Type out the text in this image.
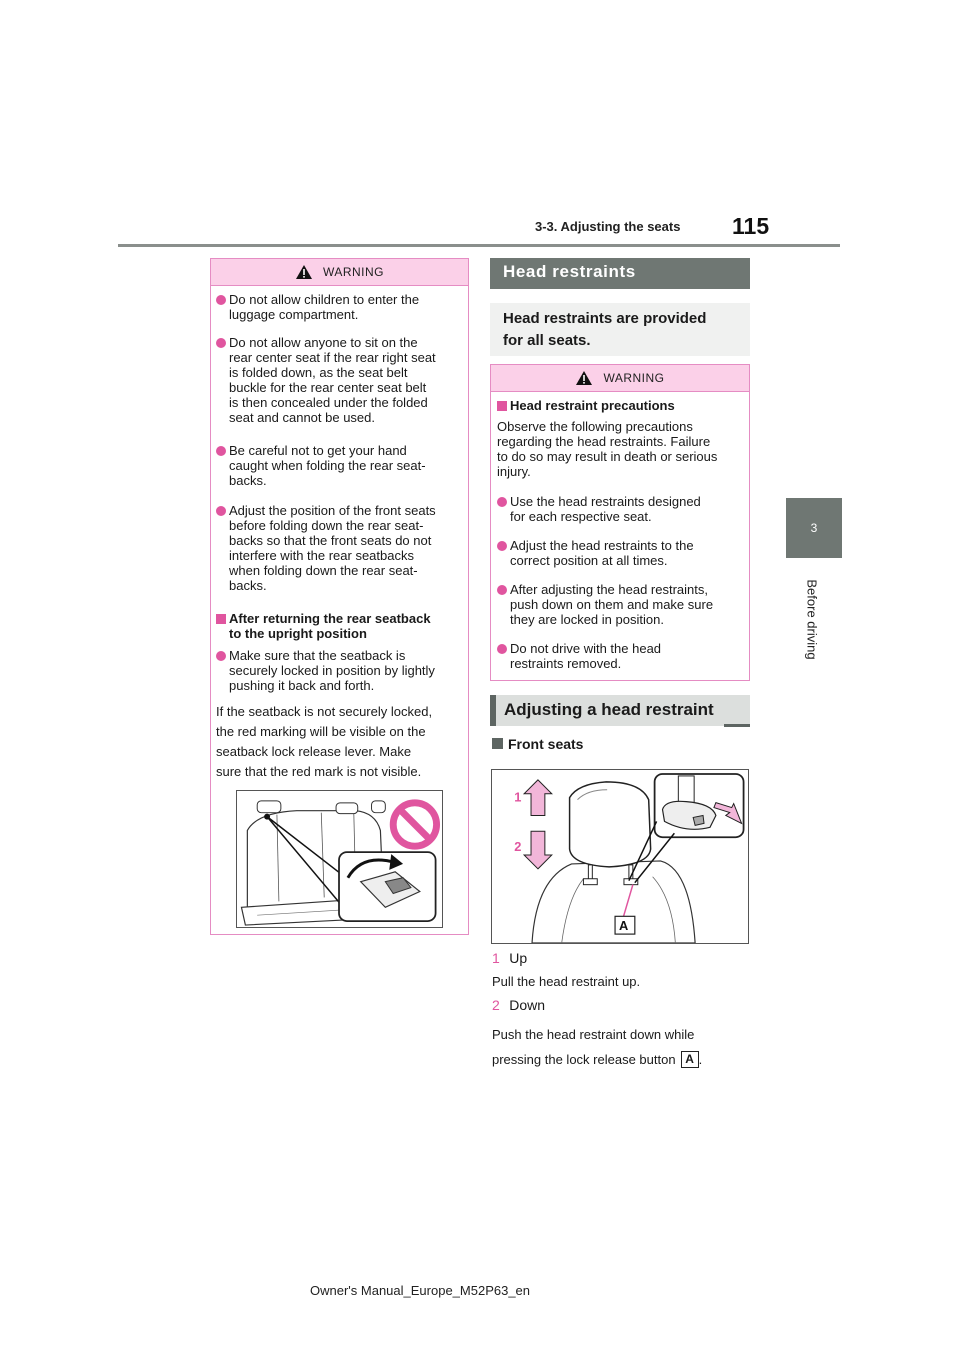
3-3. Adjusting the seats 115
3
Before driving
WARNING
Do not allow children to enter the
luggage compartment.
Do not allow anyone to sit on the
rear center seat if the rear right seat
is folded down, as the seat belt
buckle for the rear center seat belt
is then concealed under the folded
seat and cannot be used.
Be careful not to get your hand
caught when folding the rear seat-
backs.
Adjust the position of the front seats
before folding down the rear seat-
backs so that the front seats do not
interfere with the rear seatbacks
when folding down the rear seat-
backs.
After returning the rear seatback
to the upright position
Make sure that the seatback is
securely locked in position by lightly
pushing it back and forth.
If the seatback is not securely locked,
the red marking will be visible on the
seatback lock release lever. Make
sure that the red mark is not visible.
Head restraints
Head restraints are provided
for all seats.
WARNING
Head restraint precautions
Observe the following precautions
regarding the head restraints. Failure
to do so may result in death or serious
injury.
Use the head restraints designed
for each respective seat.
Adjust the head restraints to the
correct position at all times.
After adjusting the head restraints,
push down on them and make sure
they are locked in position.
Do not drive with the head
restraints removed.
Adjusting a head restraint
Front seats
1
2
A
1 Up
Pull the head restraint up.
2 Down
Push the head restraint down while
pressing the lock release button A .
Owner's Manual_Europe_M52P63_en
